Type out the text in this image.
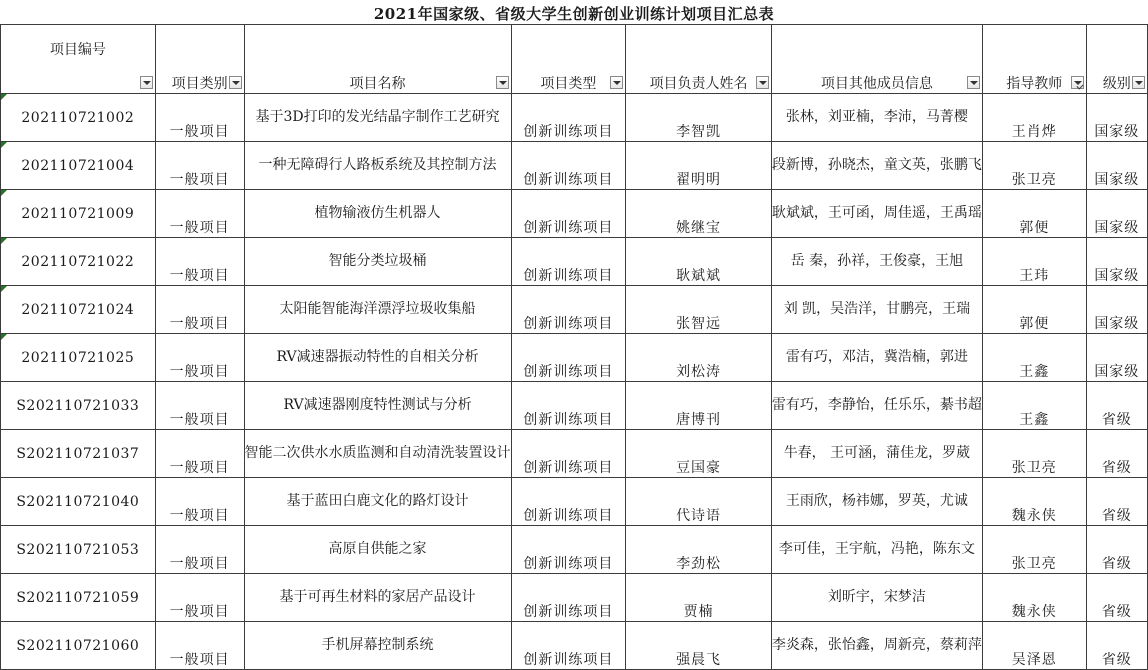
2021年国家级、省级大学生创新创业训练计划项目汇总表
项目编号	项目类别	项目名称	项目类型	项目负责人姓名	项目其他成员信息	指导教师	级别

202110721002	一般项目	基于3D打印的发光结晶字制作工艺研究	创新训练项目	李智凯	张林，刘亚楠，李沛，马菁樱	王肖烨	国家级

202110721004	一般项目	一种无障碍行人路板系统及其控制方法	创新训练项目	翟明明	段新博，孙晓杰，童文英，张鹏飞	张卫亮	国家级

202110721009	一般项目	植物输液仿生机器人	创新训练项目	姚继宝	耿斌斌，王可函，周佳遥，王禹瑶	郭便	国家级

202110721022	一般项目	智能分类垃圾桶	创新训练项目	耿斌斌	岳 秦，孙祥，王俊豪，王旭	王玮	国家级

202110721024	一般项目	太阳能智能海洋漂浮垃圾收集船	创新训练项目	张智远	刘 凯，吴浩洋，甘鹏亮，王瑞	郭便	国家级

202110721025	一般项目	RV减速器振动特性的自相关分析	创新训练项目	刘松涛	雷有巧，邓洁，冀浩楠，郭进	王鑫	国家级
S202110721033	一般项目	RV减速器刚度特性测试与分析	创新训练项目	唐博刊	雷有巧，李静怡，任乐乐，綦书超	王鑫	省级
S202110721037	一般项目	智能二次供水水质监测和自动清洗装置设计	创新训练项目	豆国豪	牛春， 王可涵，蒲佳龙，罗葳	张卫亮	省级
S202110721040	一般项目	基于蓝田白鹿文化的路灯设计	创新训练项目	代诗语	王雨欣，杨祎娜，罗英，尤诚	魏永侠	省级
S202110721053	一般项目	高原自供能之家	创新训练项目	李劲松	李可佳，王宇航，冯艳，陈东文	张卫亮	省级
S202110721059	一般项目	基于可再生材料的家居产品设计	创新训练项目	贾楠	刘昕宇，宋梦洁	魏永侠	省级
S202110721060	一般项目	手机屏幕控制系统	创新训练项目	强晨飞	李炎森，张怡鑫，周新亮，蔡莉萍	吴泽恩	省级
